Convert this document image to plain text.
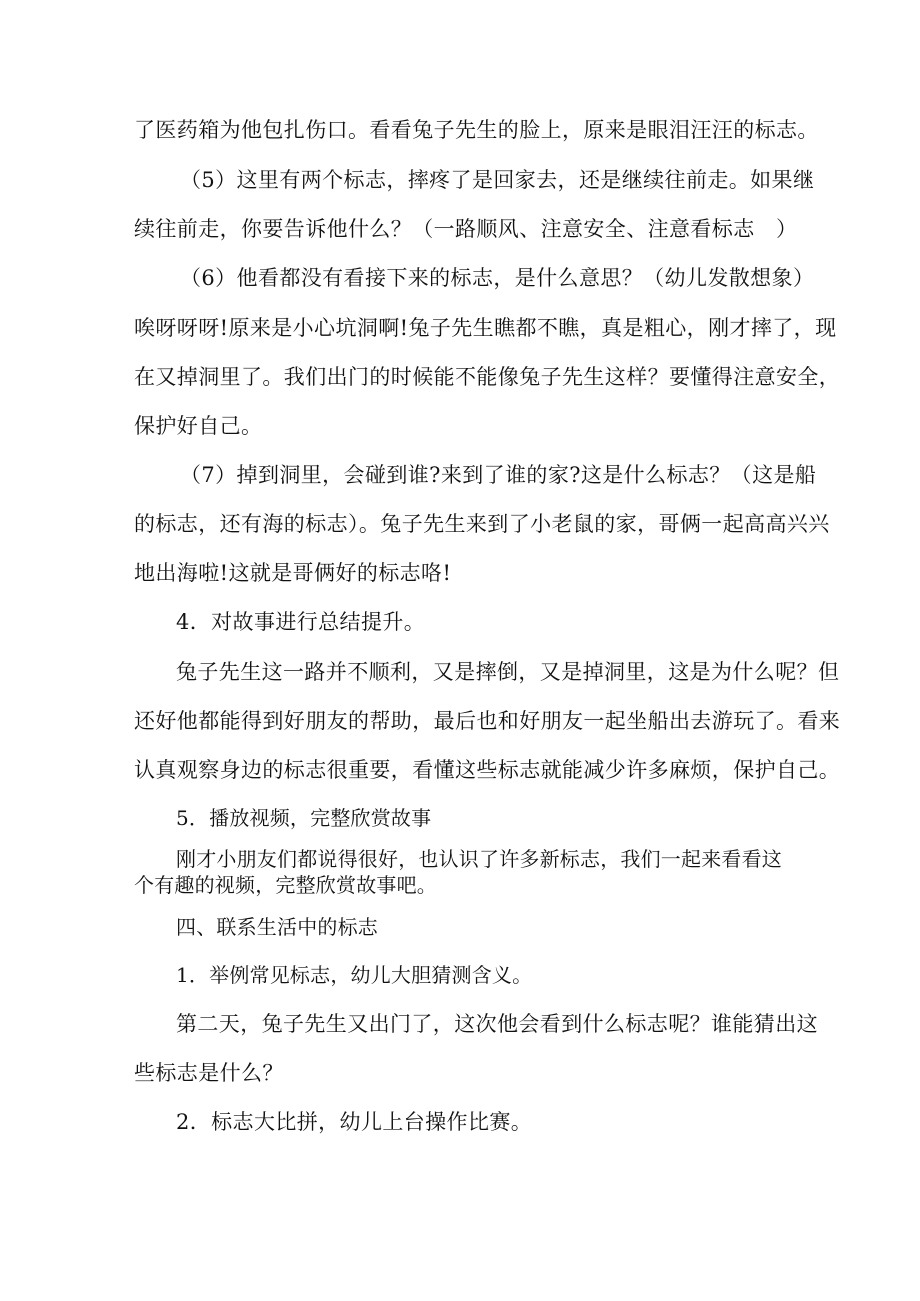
了医药箱为他包扎伤口。看看兔子先生的脸上，原来是眼泪汪汪的标志。
（5）这里有两个标志，摔疼了是回家去，还是继续往前走。如果继
续往前走，你要告诉他什么？（一路顺风、注意安全、注意看标志　）
（6）他看都没有看接下来的标志，是什么意思？（幼儿发散想象）
唉呀呀呀!原来是小心坑洞啊!兔子先生瞧都不瞧，真是粗心，刚才摔了，现
在又掉洞里了。我们出门的时候能不能像兔子先生这样？要懂得注意安全，
保护好自己。
（7）掉到洞里，会碰到谁?来到了谁的家?这是什么标志？（这是船
的标志，还有海的标志）。兔子先生来到了小老鼠的家，哥俩一起高高兴兴
地出海啦!这就是哥俩好的标志咯!
4．对故事进行总结提升。
兔子先生这一路并不顺利，又是摔倒，又是掉洞里，这是为什么呢？但
还好他都能得到好朋友的帮助，最后也和好朋友一起坐船出去游玩了。看来
认真观察身边的标志很重要，看懂这些标志就能减少许多麻烦，保护自己。
5．播放视频，完整欣赏故事
刚才小朋友们都说得很好，也认识了许多新标志，我们一起来看看这
个有趣的视频，完整欣赏故事吧。
四、联系生活中的标志
1．举例常见标志，幼儿大胆猜测含义。
第二天，兔子先生又出门了，这次他会看到什么标志呢？谁能猜出这
些标志是什么？
2．标志大比拼，幼儿上台操作比赛。
